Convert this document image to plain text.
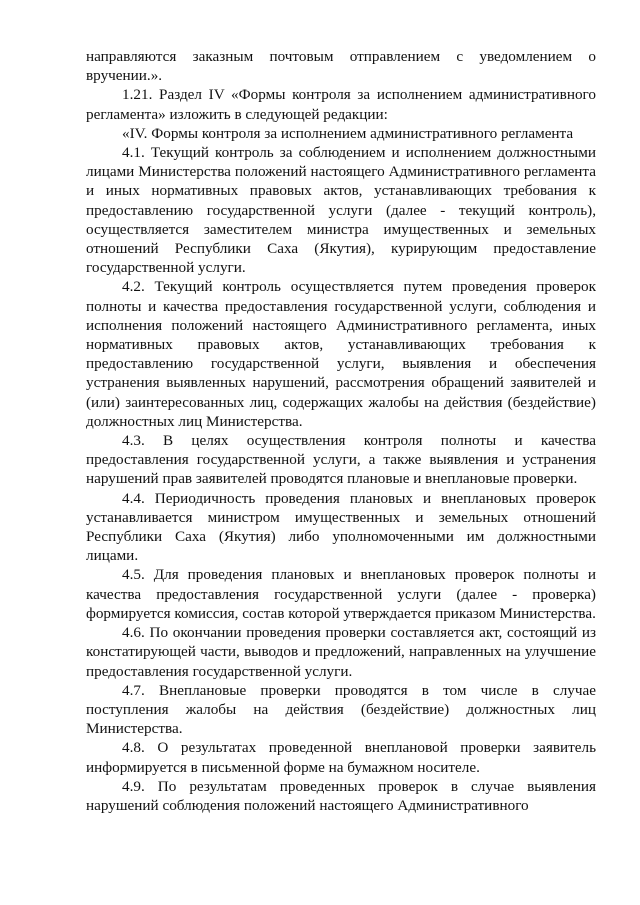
направляются заказным почтовым отправлением с уведомлением о вручении.».

1.21. Раздел IV «Формы контроля за исполнением административного регламента» изложить в следующей редакции:

«IV. Формы контроля за исполнением административного регламента

4.1. Текущий контроль за соблюдением и исполнением должностными лицами Министерства положений настоящего Административного регламента и иных нормативных правовых актов, устанавливающих требования к предоставлению государственной услуги (далее - текущий контроль), осуществляется заместителем министра имущественных и земельных отношений Республики Саха (Якутия), курирующим предоставление государственной услуги.

4.2. Текущий контроль осуществляется путем проведения проверок полноты и качества предоставления государственной услуги, соблюдения и исполнения положений настоящего Административного регламента, иных нормативных правовых актов, устанавливающих требования к предоставлению государственной услуги, выявления и обеспечения устранения выявленных нарушений, рассмотрения обращений заявителей и (или) заинтересованных лиц, содержащих жалобы на действия (бездействие) должностных лиц Министерства.

4.3. В целях осуществления контроля полноты и качества предоставления государственной услуги, а также выявления и устранения нарушений прав заявителей проводятся плановые и внеплановые проверки.

4.4. Периодичность проведения плановых и внеплановых проверок устанавливается министром имущественных и земельных отношений Республики Саха (Якутия) либо уполномоченными им должностными лицами.

4.5. Для проведения плановых и внеплановых проверок полноты и качества предоставления государственной услуги (далее - проверка) формируется комиссия, состав которой утверждается приказом Министерства.

4.6. По окончании проведения проверки составляется акт, состоящий из констатирующей части, выводов и предложений, направленных на улучшение предоставления государственной услуги.

4.7. Внеплановые проверки проводятся в том числе в случае поступления жалобы на действия (бездействие) должностных лиц Министерства.

4.8. О результатах проведенной внеплановой проверки заявитель информируется в письменной форме на бумажном носителе.

4.9. По результатам проведенных проверок в случае выявления нарушений соблюдения положений настоящего Административного
